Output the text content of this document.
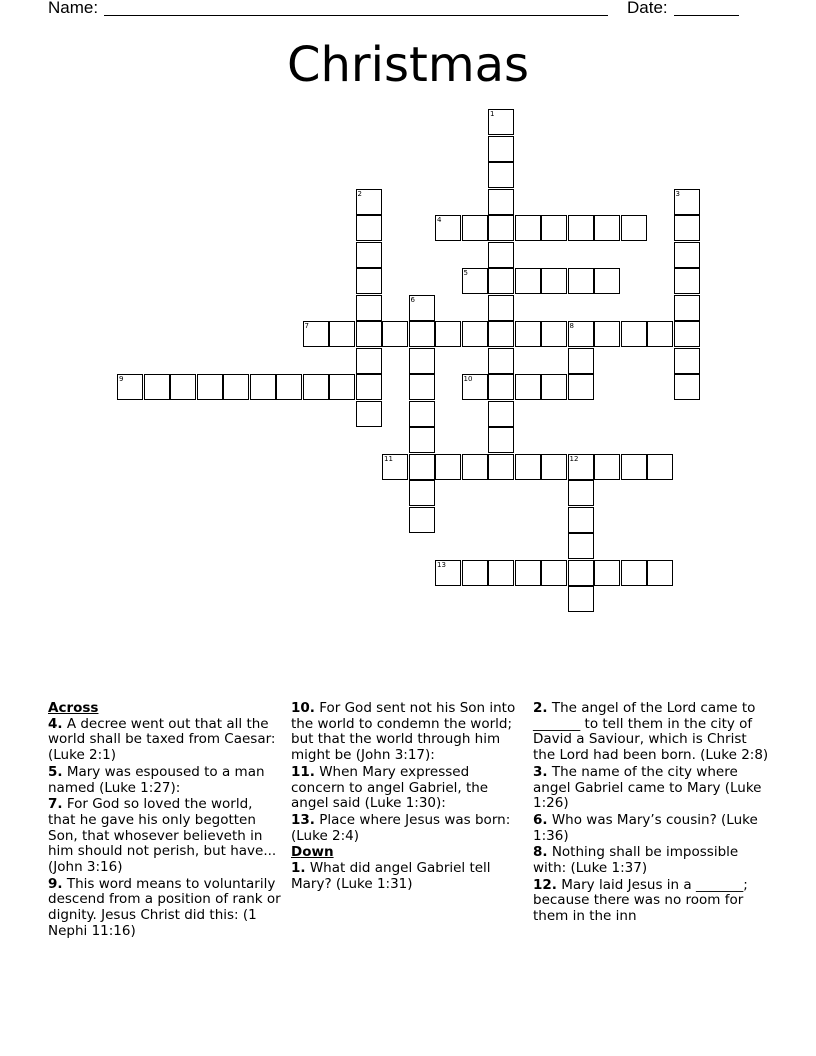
Name:	Date:
Christmas
1
2	3
4
5
6
7	8
9	10
11	12
13
Across
4. A decree went out that all the world shall be taxed from Caesar: (Luke 2:1)
5. Mary was espoused to a man named (Luke 1:27):
7. For God so loved the world, that he gave his only begotten Son, that whosever believeth in him should not perish, but have... (John 3:16)
9. This word means to voluntarily descend from a position of rank or dignity. Jesus Christ did this: (1 Nephi 11:16)
10. For God sent not his Son into the world to condemn the world; but that the world through him might be (John 3:17):
11. When Mary expressed concern to angel Gabriel, the angel said (Luke 1:30):
13. Place where Jesus was born: (Luke 2:4)
Down
1. What did angel Gabriel tell Mary? (Luke 1:31)
2. The angel of the Lord came to _______ to tell them in the city of David a Saviour, which is Christ the Lord had been born. (Luke 2:8)
3. The name of the city where angel Gabriel came to Mary (Luke 1:26)
6. Who was Mary’s cousin? (Luke 1:36)
8. Nothing shall be impossible with: (Luke 1:37)
12. Mary laid Jesus in a _______; because there was no room for them in the inn
